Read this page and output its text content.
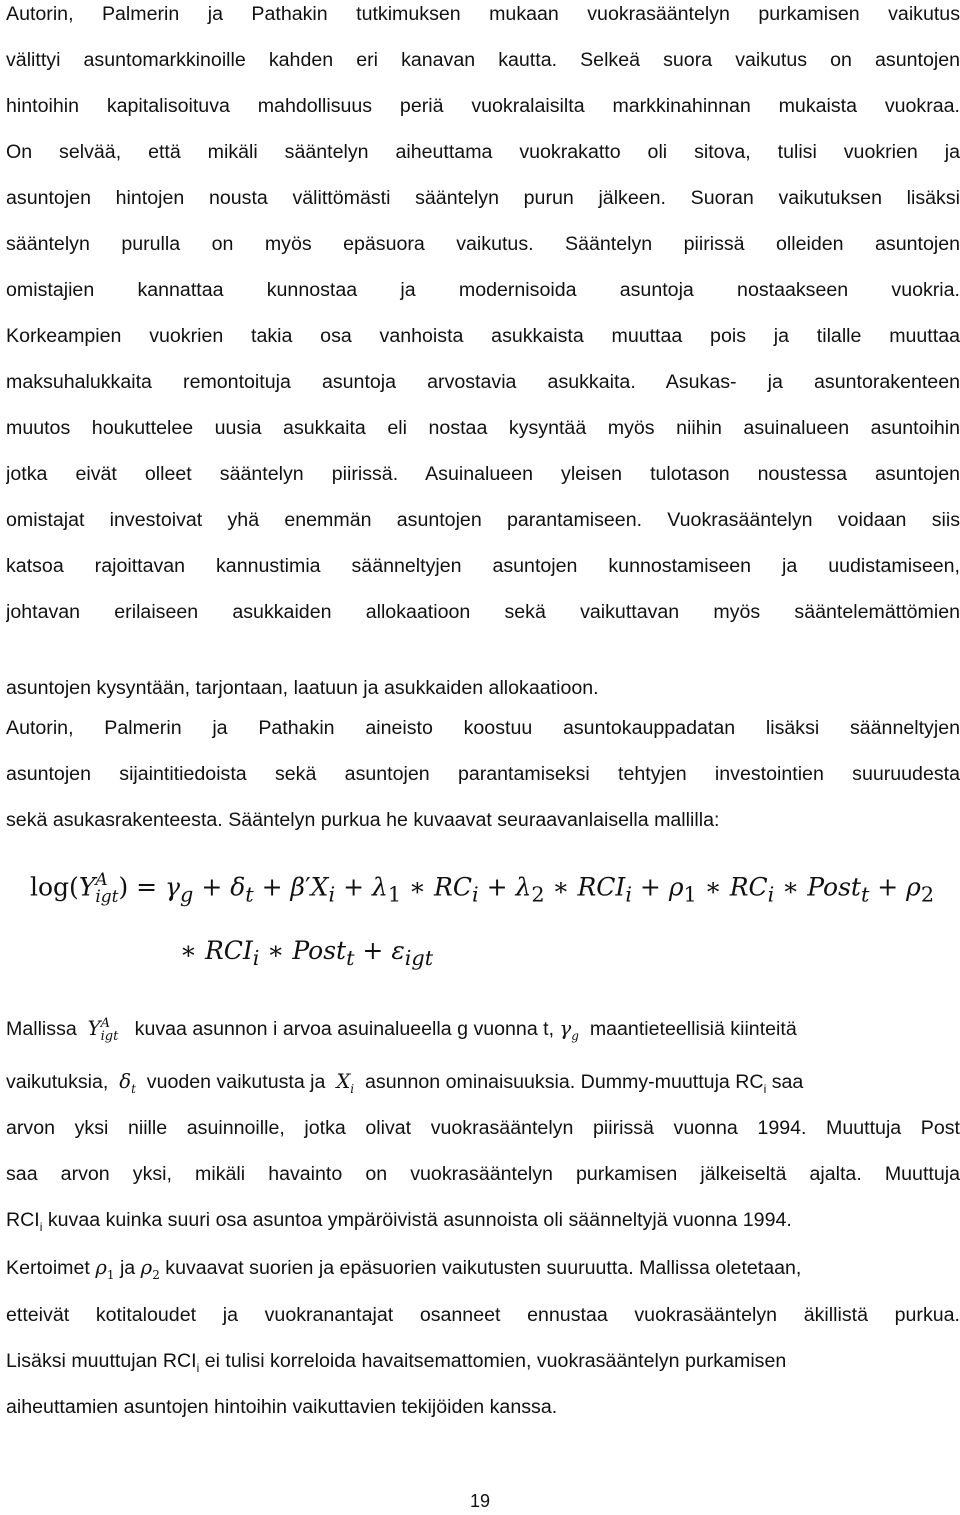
Autorin, Palmerin ja Pathakin tutkimuksen mukaan vuokrasääntelyn purkamisen vaikutus
välittyi asuntomarkkinoille kahden eri kanavan kautta. Selkeä suora vaikutus on asuntojen
hintoihin kapitalisoituva mahdollisuus periä vuokralaisilta markkinahinnan mukaista vuokraa.
On selvää, että mikäli sääntelyn aiheuttama vuokrakatto oli sitova, tulisi vuokrien ja
asuntojen hintojen nousta välittömästi sääntelyn purun jälkeen. Suoran vaikutuksen lisäksi
sääntelyn purulla on myös epäsuora vaikutus. Sääntelyn piirissä olleiden asuntojen
omistajien kannattaa kunnostaa ja modernisoida asuntoja nostaakseen vuokria.
Korkeampien vuokrien takia osa vanhoista asukkaista muuttaa pois ja tilalle muuttaa
maksuhalukkaita remontoituja asuntoja arvostavia asukkaita. Asukas- ja asuntorakenteen
muutos houkuttelee uusia asukkaita eli nostaa kysyntää myös niihin asuinalueen asuntoihin
jotka eivät olleet sääntelyn piirissä. Asuinalueen yleisen tulotason noustessa asuntojen
omistajat investoivat yhä enemmän asuntojen parantamiseen. Vuokrasääntelyn voidaan siis
katsoa rajoittavan kannustimia säänneltyjen asuntojen kunnostamiseen ja uudistamiseen,
johtavan erilaiseen asukkaiden allokaatioon sekä vaikuttavan myös sääntelemättömien
asuntojen kysyntään, tarjontaan, laatuun ja asukkaiden allokaatioon.
Autorin, Palmerin ja Pathakin aineisto koostuu asuntokauppadatan lisäksi säänneltyjen
asuntojen sijaintitiedoista sekä asuntojen parantamiseksi tehtyjen investointien suuruudesta
sekä asukasrakenteesta. Sääntelyn purkua he kuvaavat seuraavanlaisella mallilla:
log(Y A
igt ) = $\gamma_g + \delta_t + \beta'X_i + \lambda_1$ ∗ $RC_i + \lambda_2$ ∗ $RCI_i + \rho_1$ ∗ $RC_i$ ∗ Post$_t$ + $\rho_2$
∗ $RCI_i$ ∗ Post$_t$ + $\varepsilon_{igt}$
Mallissa Y A
igt kuvaa asunnon i arvoa asuinalueella g vuonna t, $\gamma_g$ maantieteellisiä kiinteitä
vaikutuksia, $\delta_t$ vuoden vaikutusta ja $X_i$ asunnon ominaisuuksia. Dummy-muuttuja $RC_i$ saa
arvon yksi niille asuinnoille, jotka olivat vuokrasääntelyn piirissä vuonna 1994. Muuttuja Post
saa arvon yksi, mikäli havainto on vuokrasääntelyn purkamisen jälkeiseltä ajalta. Muuttuja
$RCI_i$ kuvaa kuinka suuri osa asuntoa ympäröivistä asunnoista oli säänneltyjä vuonna 1994.
Kertoimet $\rho_1$ ja $\rho_2$ kuvaavat suorien ja epäsuorien vaikutusten suuruutta. Mallissa oletetaan,
etteivät kotitaloudet ja vuokranantajat osanneet ennustaa vuokrasääntelyn äkillistä purkua.
Lisäksi muuttujan $RCI_i$ ei tulisi korreloida havaitsemattomien, vuokrasääntelyn purkamisen
aiheuttamien asuntojen hintoihin vaikuttavien tekijöiden kanssa.
19
